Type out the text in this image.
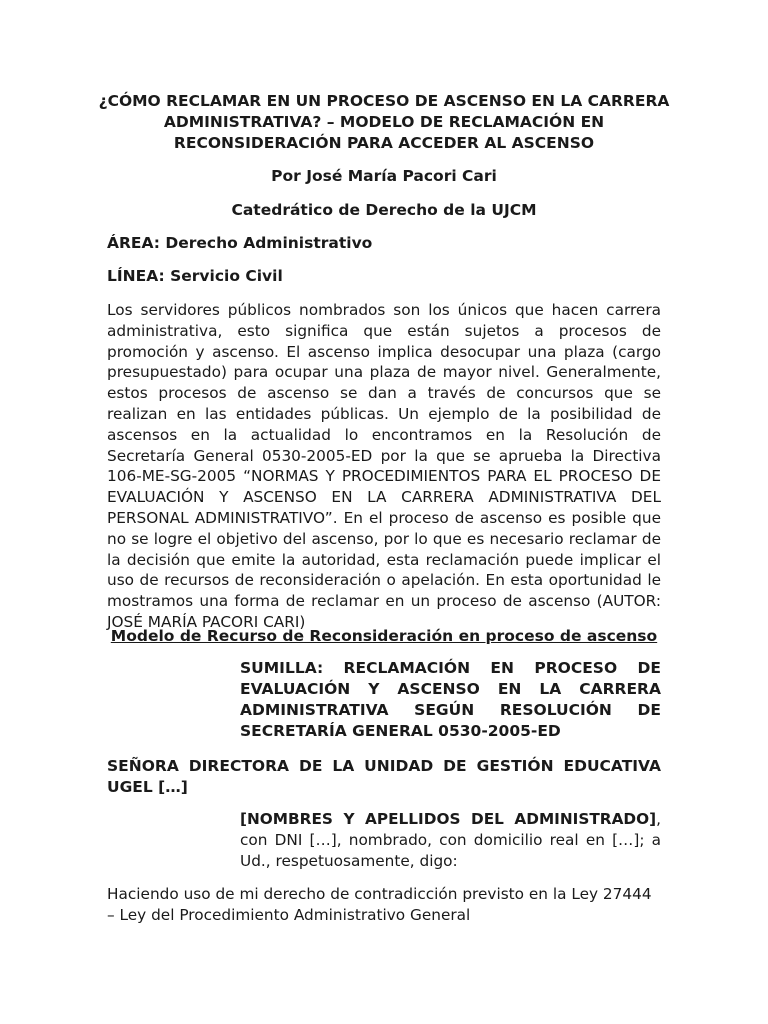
¿CÓMO RECLAMAR EN UN PROCESO DE ASCENSO EN LA CARRERA ADMINISTRATIVA? – MODELO DE RECLAMACIÓN EN RECONSIDERACIÓN PARA ACCEDER AL ASCENSO

Por José María Pacori Cari

Catedrático de Derecho de la UJCM

ÁREA: Derecho Administrativo

LÍNEA: Servicio Civil

Los servidores públicos nombrados son los únicos que hacen carrera administrativa, esto significa que están sujetos a procesos de promoción y ascenso. El ascenso implica desocupar una plaza (cargo presupuestado) para ocupar una plaza de mayor nivel. Generalmente, estos procesos de ascenso se dan a través de concursos que se realizan en las entidades públicas. Un ejemplo de la posibilidad de ascensos en la actualidad lo encontramos en la Resolución de Secretaría General 0530-2005-ED por la que se aprueba la Directiva 106-ME-SG-2005 “NORMAS Y PROCEDIMIENTOS PARA EL PROCESO DE EVALUACIÓN Y ASCENSO EN LA CARRERA ADMINISTRATIVA DEL PERSONAL ADMINISTRATIVO”. En el proceso de ascenso es posible que no se logre el objetivo del ascenso, por lo que es necesario reclamar de la decisión que emite la autoridad, esta reclamación puede implicar el uso de recursos de reconsideración o apelación. En esta oportunidad le mostramos una forma de reclamar en un proceso de ascenso (AUTOR: JOSÉ MARÍA PACORI CARI)

Modelo de Recurso de Reconsideración en proceso de ascenso

SUMILLA: RECLAMACIÓN EN PROCESO DE EVALUACIÓN Y ASCENSO EN LA CARRERA ADMINISTRATIVA SEGÚN RESOLUCIÓN DE SECRETARÍA GENERAL 0530-2005-ED

SEÑORA DIRECTORA DE LA UNIDAD DE GESTIÓN EDUCATIVA UGEL […]

[NOMBRES Y APELLIDOS DEL ADMINISTRADO], con DNI […], nombrado, con domicilio real en […]; a Ud., respetuosamente, digo:

Haciendo uso de mi derecho de contradicción previsto en la Ley 27444 – Ley del Procedimiento Administrativo General
